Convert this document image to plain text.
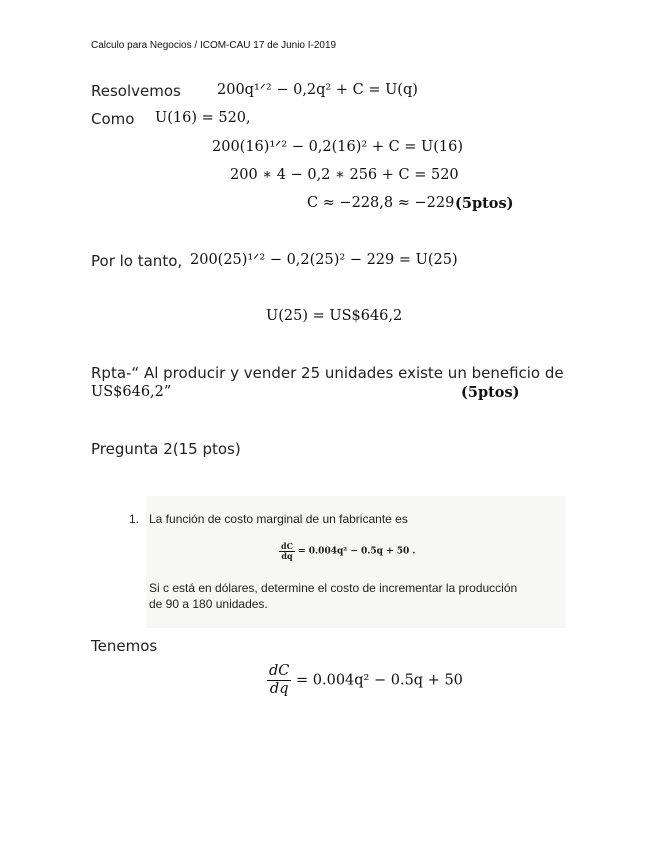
Calculo para Negocios / ICOM-CAU 17 de Junio I-2019
Resolvemos 200q¹ᐟ² − 0,2q² + C = U(q)
Como U(16) = 520,
200(16)¹ᐟ² − 0,2(16)² + C = U(16)
200 ∗ 4 − 0,2 ∗ 256 + C = 520
C ≈ −228,8 ≈ −229 (5ptos)
Por lo tanto, 200(25)¹ᐟ² − 0,2(25)² − 229 = U(25)
U(25) = US$646,2
Rpta-“ Al producir y vender 25 unidades existe un beneficio de
US$646,2”	(5ptos)
Pregunta 2(15 ptos)
1. La función de costo marginal de un fabricante es
$\frac{dC}{dq} = 0.004q^2 - 0.5q + 50$ .
Si c está en dólares, determine el costo de incrementar la producción
de 90 a 180 unidades.
Tenemos
$\frac{dC}{dq} = 0.004q^2 - 0.5q + 50$
